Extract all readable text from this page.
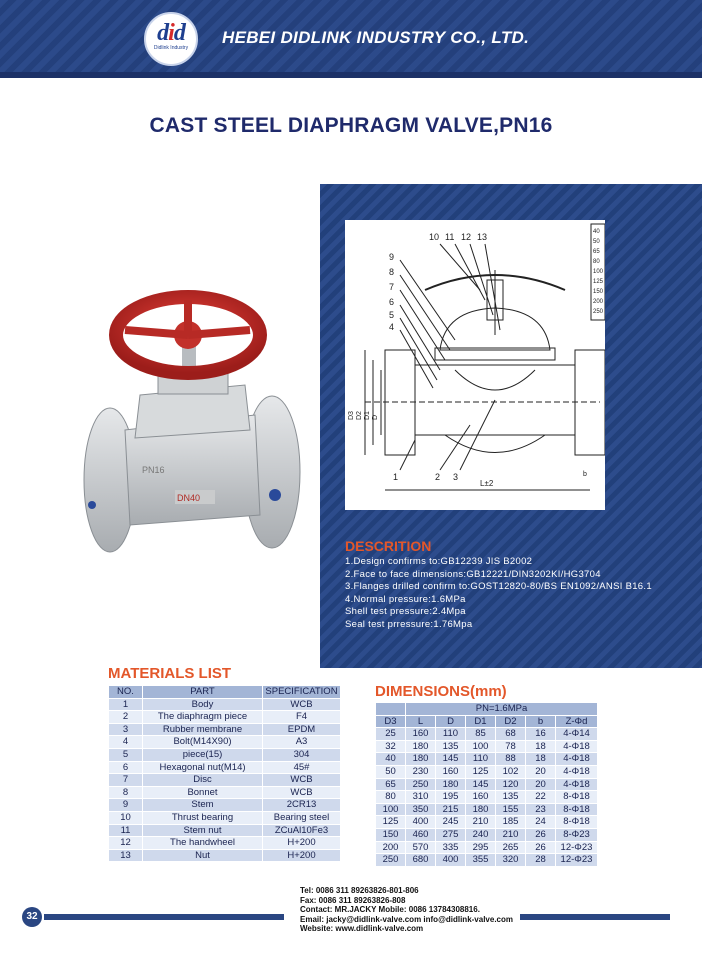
did
Didlink Industry
HEBEI DIDLINK INDUSTRY CO., LTD.
CAST STEEL DIAPHRAGM VALVE,PN16
10 11 12 13
9
8
7
6
5
4
1	2 3
D3 D2 D1 D
L±2
b
40
50
65
80
100
125
150
200
250
DN40
PN16
DESCRITION
1.Design confirms to:GB12239 JIS B2002
2.Face to face dimensions:GB12221/DIN3202KI/HG3704
3.Flanges drilled confirm to:GOST12820-80/BS EN1092/ANSI B16.1
4.Normal pressure:1.6MPa
Shell test pressure:2.4Mpa
Seal test prressure:1.76Mpa
MATERIALS LIST
NO.	PART	SPECIFICATION
1	Body	WCB
2	The diaphragm piece	F4
3	Rubber membrane	EPDM
4	Bolt(M14X90)	A3
5	piece(15)	304
6	Hexagonal nut(M14)	45#
7	Disc	WCB
8	Bonnet	WCB
9	Stem	2CR13
10	Thrust bearing	Bearing steel
11	Stem nut	ZCuAl10Fe3
12	The handwheel	H+200
13	Nut	H+200
DIMENSIONS(mm)
	PN=1.6MPa					
D3	L	D	D1	D2	b	Z-Φd
25	160	110	85	68	16	4-Φ14
32	180	135	100	78	18	4-Φ18
40	180	145	110	88	18	4-Φ18
50	230	160	125	102	20	4-Φ18
65	250	180	145	120	20	4-Φ18
80	310	195	160	135	22	8-Φ18
100	350	215	180	155	23	8-Φ18
125	400	245	210	185	24	8-Φ18
150	460	275	240	210	26	8-Φ23
200	570	335	295	265	26	12-Φ23
250	680	400	355	320	28	12-Φ23
Tel: 0086 311 89263826-801-806
Fax: 0086 311 89263826-808
Contact: MR.JACKY Mobile: 0086 13784308816.
Email: jacky@didlink-valve.com info@didlink-valve.com
Website: www.didlink-valve.com
32
